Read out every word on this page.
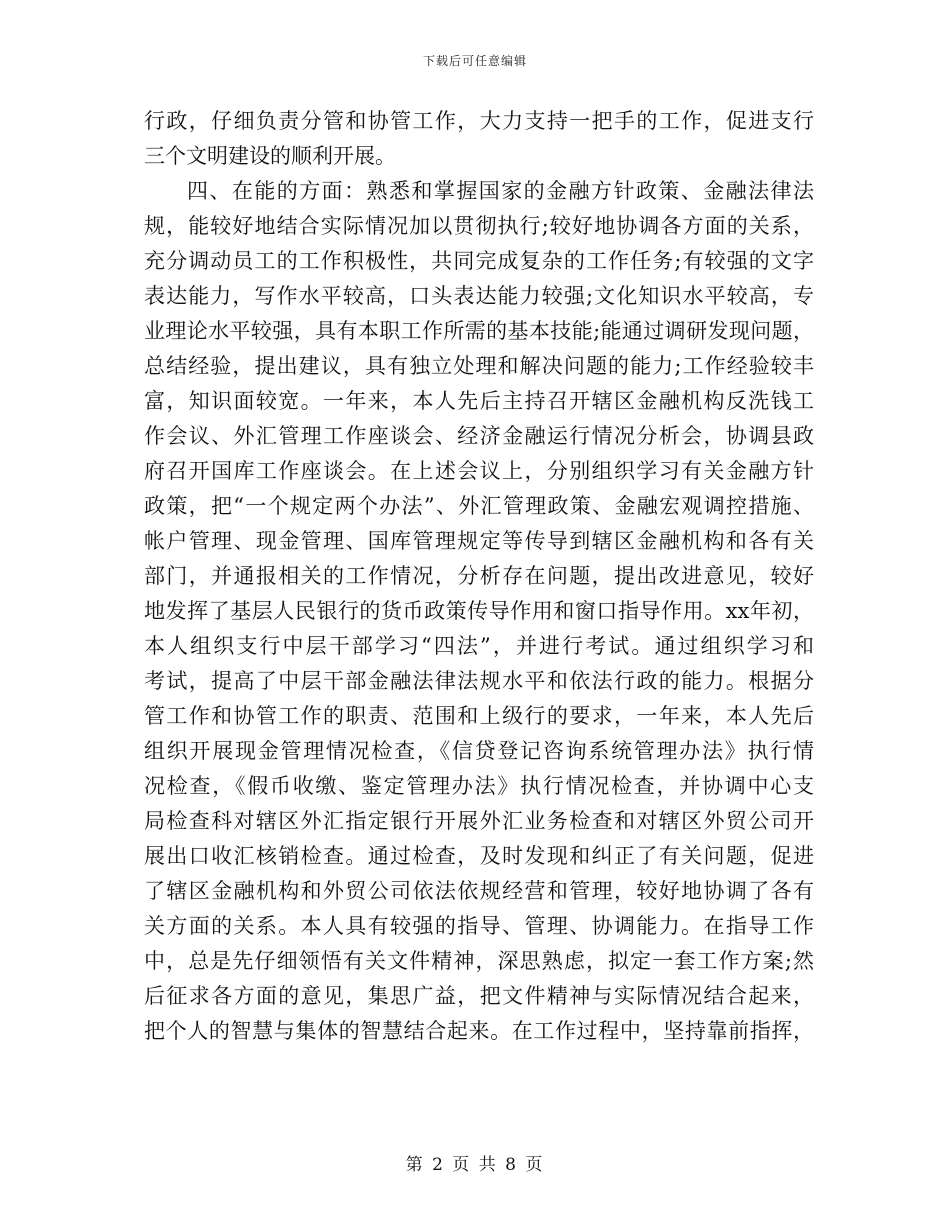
下载后可任意编辑
行政，仔细负责分管和协管工作，大力支持一把手的工作，促进支行
三个文明建设的顺利开展。
四、在能的方面：熟悉和掌握国家的金融方针政策、金融法律法
规，能较好地结合实际情况加以贯彻执行;较好地协调各方面的关系，
充分调动员工的工作积极性，共同完成复杂的工作任务;有较强的文字
表达能力，写作水平较高，口头表达能力较强;文化知识水平较高，专
业理论水平较强，具有本职工作所需的基本技能;能通过调研发现问题，
总结经验，提出建议，具有独立处理和解决问题的能力;工作经验较丰
富，知识面较宽。一年来，本人先后主持召开辖区金融机构反洗钱工
作会议、外汇管理工作座谈会、经济金融运行情况分析会，协调县政
府召开国库工作座谈会。在上述会议上，分别组织学习有关金融方针
政策，把“一个规定两个办法”、外汇管理政策、金融宏观调控措施、
帐户管理、现金管理、国库管理规定等传导到辖区金融机构和各有关
部门，并通报相关的工作情况，分析存在问题，提出改进意见，较好
地发挥了基层人民银行的货币政策传导作用和窗口指导作用。xx年初，
本人组织支行中层干部学习“四法”，并进行考试。通过组织学习和
考试，提高了中层干部金融法律法规水平和依法行政的能力。根据分
管工作和协管工作的职责、范围和上级行的要求，一年来，本人先后
组织开展现金管理情况检查，《信贷登记咨询系统管理办法》执行情
况检查，《假币收缴、鉴定管理办法》执行情况检查，并协调中心支
局检查科对辖区外汇指定银行开展外汇业务检查和对辖区外贸公司开
展出口收汇核销检查。通过检查，及时发现和纠正了有关问题，促进
了辖区金融机构和外贸公司依法依规经营和管理，较好地协调了各有
关方面的关系。本人具有较强的指导、管理、协调能力。在指导工作
中，总是先仔细领悟有关文件精神，深思熟虑，拟定一套工作方案;然
后征求各方面的意见，集思广益，把文件精神与实际情况结合起来，
把个人的智慧与集体的智慧结合起来。在工作过程中，坚持靠前指挥，
第 2 页 共 8 页
